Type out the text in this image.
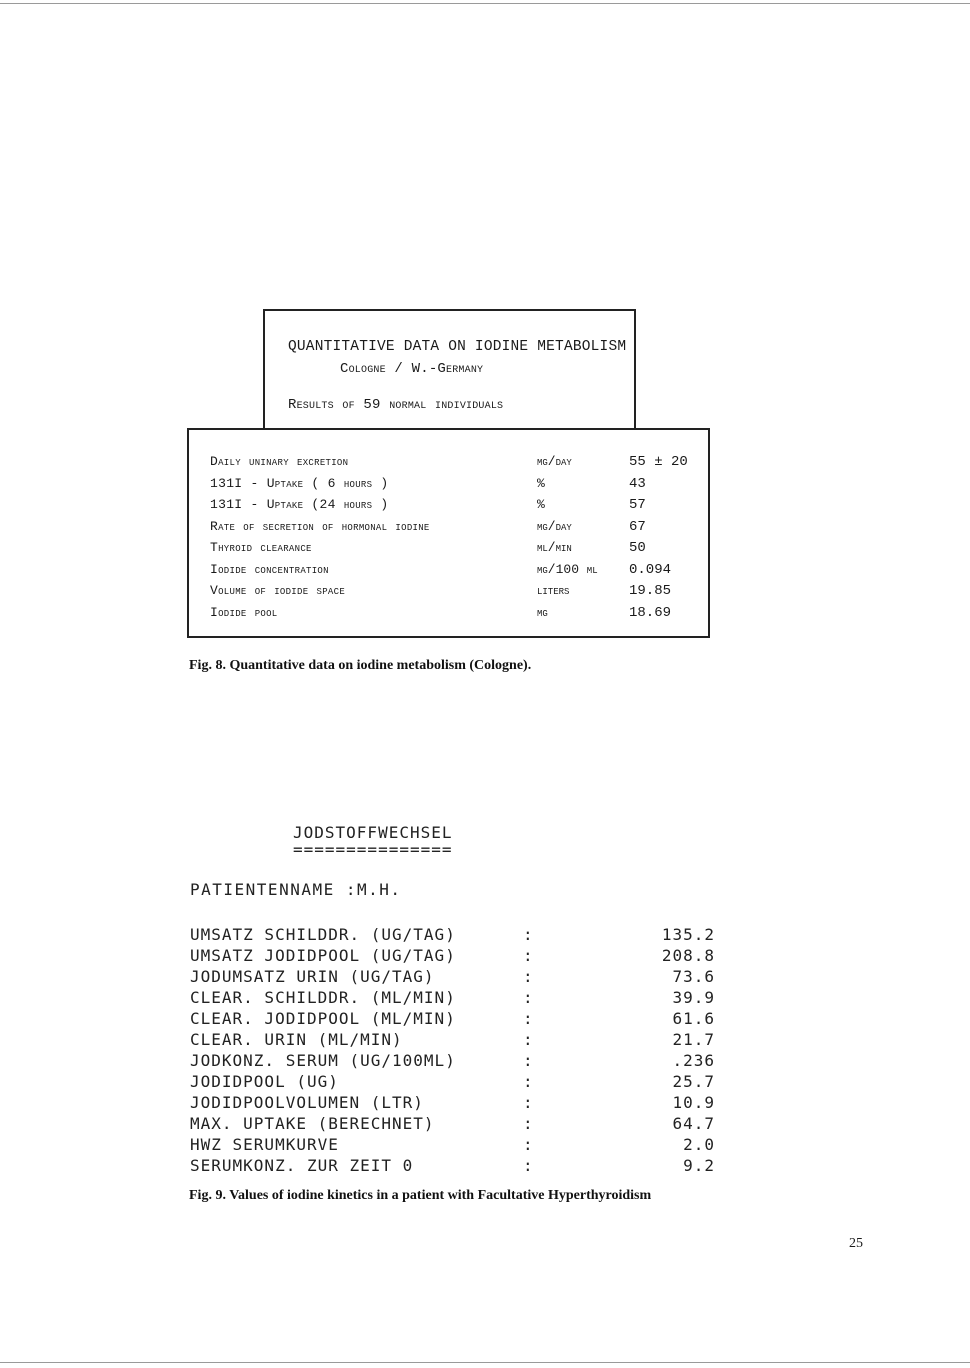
QUANTITATIVE DATA ON IODINE METABOLISM
Cologne / W.-Germany
Results of 59 normal individuals
Daily uninary excretion	µg/day	55 ± 20
131I - Uptake ( 6 hours )	%	43
131I - Uptake (24 hours )	%	57
Rate of secretion of hormonal iodine	µg/day	67
Thyroid clearance	ml/min	50
Iodide concentration	µg/100 ml 0.094
Volume of iodide space	liters	19.85
Iodide pool	µg	18.69
Fig. 8. Quantitative data on iodine metabolism (Cologne).
JODSTOFFWECHSEL
===============
PATIENTENNAME :M.H.
UMSATZ SCHILDDR. (UG/TAG)	:	135.2
UMSATZ JODIDPOOL (UG/TAG)	:	208.8
JODUMSATZ URIN (UG/TAG)	:	73.6
CLEAR. SCHILDDR. (ML/MIN)	:	39.9
CLEAR. JODIDPOOL (ML/MIN)	:	61.6
CLEAR. URIN (ML/MIN)	:	21.7
JODKONZ. SERUM (UG/100ML)	:	.236
JODIDPOOL (UG)	:	25.7
JODIDPOOLVOLUMEN (LTR)	:	10.9
MAX. UPTAKE (BERECHNET)	:	64.7
HWZ SERUMKURVE	:	2.0
SERUMKONZ. ZUR ZEIT 0	:	9.2
Fig. 9. Values of iodine kinetics in a patient with Facultative Hyperthyroidism
25
